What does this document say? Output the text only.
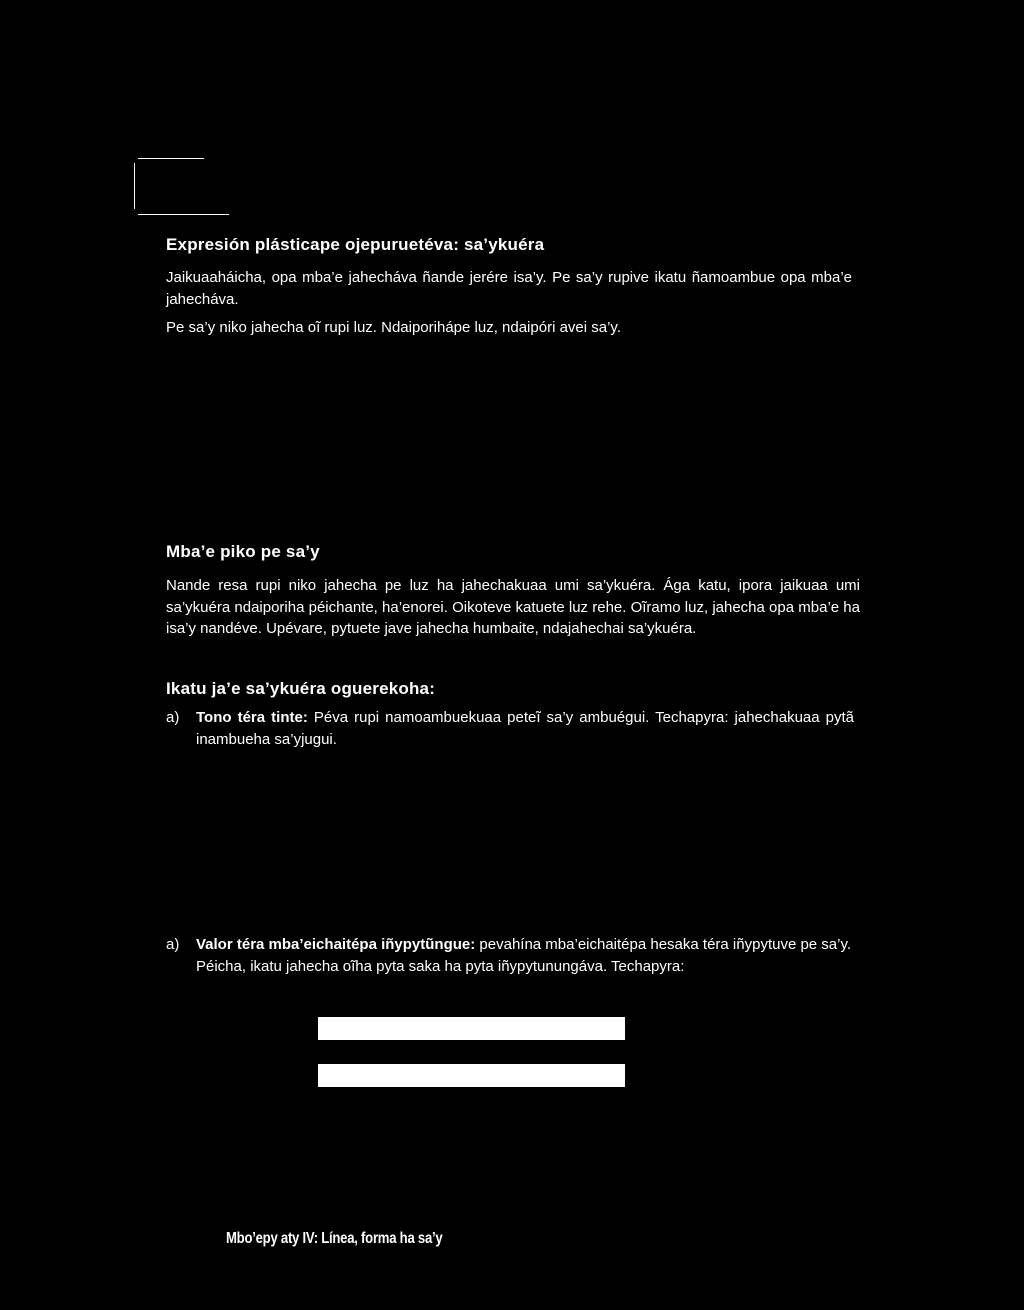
Expresión plásticape ojepuruetéva: sa’ykuéra
Jaikuaaháicha, opa mba’e jahecháva ñande jerére isa’y. Pe sa’y rupive ikatu ñamoambue opa mba’e jahecháva.
Pe sa’y niko jahecha oĩ rupi luz. Ndaiporiháp‌e luz, ndaipóri avei sa’y.
Mba’e piko pe sa’y
Nande resa rupi niko jahecha pe luz ha jahechakuaa umi sa’ykuéra. Ága katu, ipora jaikuaa umi sa’ykuéra ndaiporiha péichante, ha’enorei. Oikoteve katuete luz rehe. Oĩramo luz, jahecha opa mba’e ha isa’y nandéve. Upévare, pytuete jave jahecha humbaite, ndajahechai sa’ykuéra.
Ikatu ja’e sa’ykuéra oguerekoha:
a) Tono téra tinte: Péva rupi namoambuekuaa peteĩ sa’y ambuégui. Techapyra: jahechakuaa pytã inambueha sa’yjugui.
a) Valor téra mba’eichaitépa iñypytũngue: pevahína mba’eichaitépa hesaka téra iñypytuve pe sa’y. Péicha, ikatu jahecha oĩha pyta saka ha pyta iñypytunungáva. Techapyra:
Mbo’epy aty IV: Línea, forma ha sa’y
